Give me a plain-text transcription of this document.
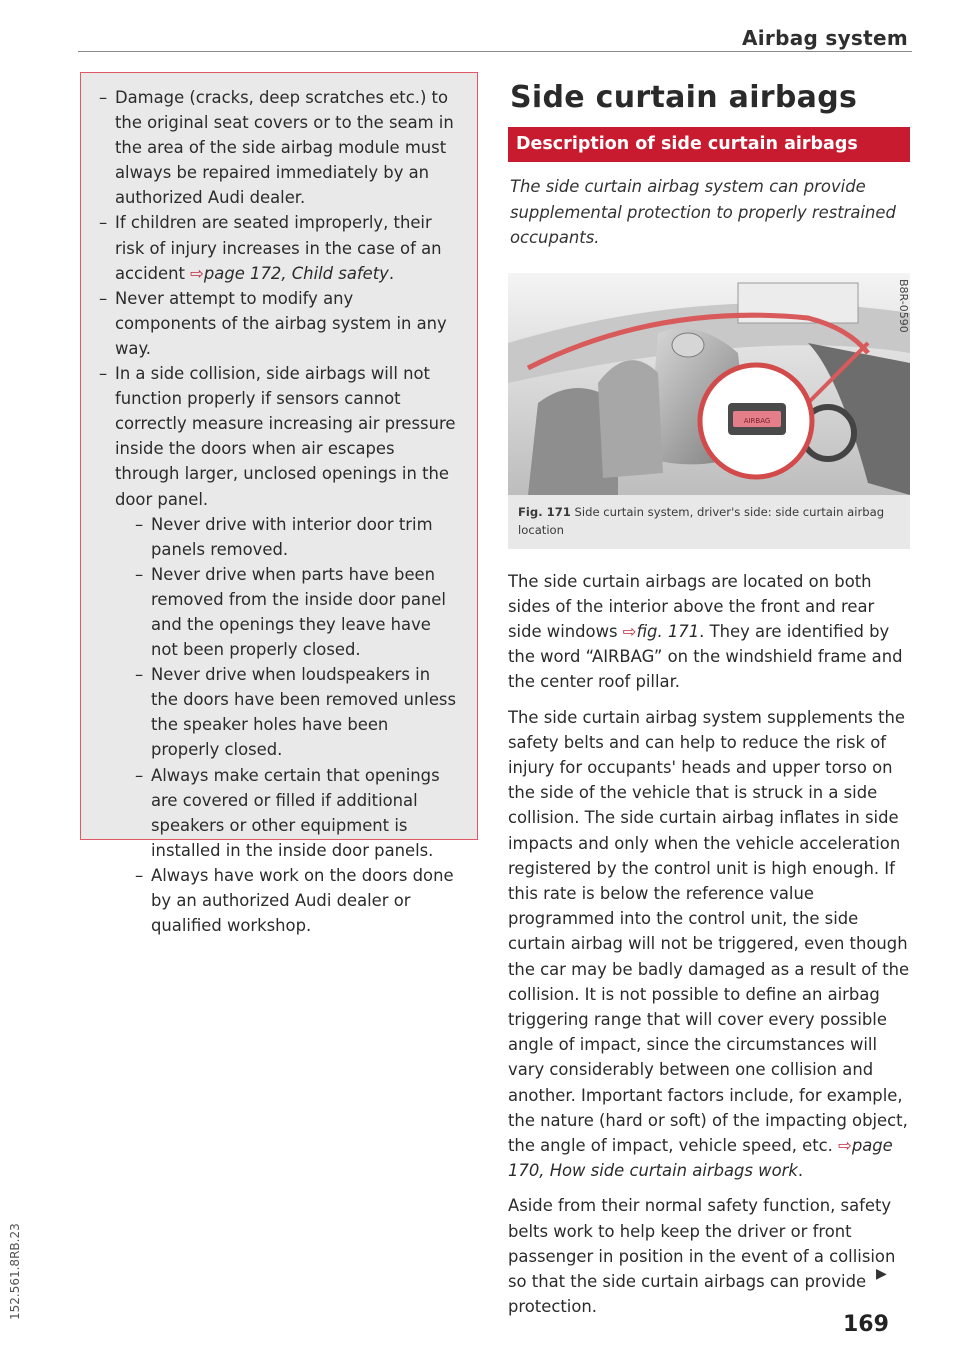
Airbag system
152.561.8RB.23
– Damage (cracks, deep scratches etc.) to the original seat covers or to the seam in the area of the side airbag module must always be repaired immediately by an authorized Audi dealer.
– If children are seated improperly, their risk of injury increases in the case of an accident ⇨page 172, Child safety.
– Never attempt to modify any components of the airbag system in any way.
– In a side collision, side airbags will not function properly if sensors cannot correctly measure increasing air pressure inside the doors when air escapes through larger, unclosed openings in the door panel.
– Never drive with interior door trim panels removed.
– Never drive when parts have been removed from the inside door panel and the openings they leave have not been properly closed.
– Never drive when loudspeakers in the doors have been removed unless the speaker holes have been properly closed.
– Always make certain that openings are covered or filled if additional speakers or other equipment is installed in the inside door panels.
– Always have work on the doors done by an authorized Audi dealer or qualified workshop.
Side curtain airbags
Description of side curtain airbags
The side curtain airbag system can provide supplemental protection to properly restrained occupants.
AIRBAG
B8R-0590
Fig. 171 Side curtain system, driver's side: side curtain airbag location

The side curtain airbags are located on both sides of the interior above the front and rear side windows ⇨fig. 171. They are identified by the word “AIRBAG” on the windshield frame and the center roof pillar.

The side curtain airbag system supplements the safety belts and can help to reduce the risk of injury for occupants' heads and upper torso on the side of the vehicle that is struck in a side collision. The side curtain airbag inflates in side impacts and only when the vehicle acceleration registered by the control unit is high enough. If this rate is below the reference value programmed into the control unit, the side curtain airbag will not be triggered, even though the car may be badly damaged as a result of the collision. It is not possible to define an airbag triggering range that will cover every possible angle of impact, since the circumstances will vary considerably between one collision and another. Important factors include, for example, the nature (hard or soft) of the impacting object, the angle of impact, vehicle speed, etc. ⇨page 170, How side curtain airbags work.

Aside from their normal safety function, safety belts work to help keep the driver or front passenger in position in the event of a collision so that the side curtain airbags can provide protection.

▶
169
